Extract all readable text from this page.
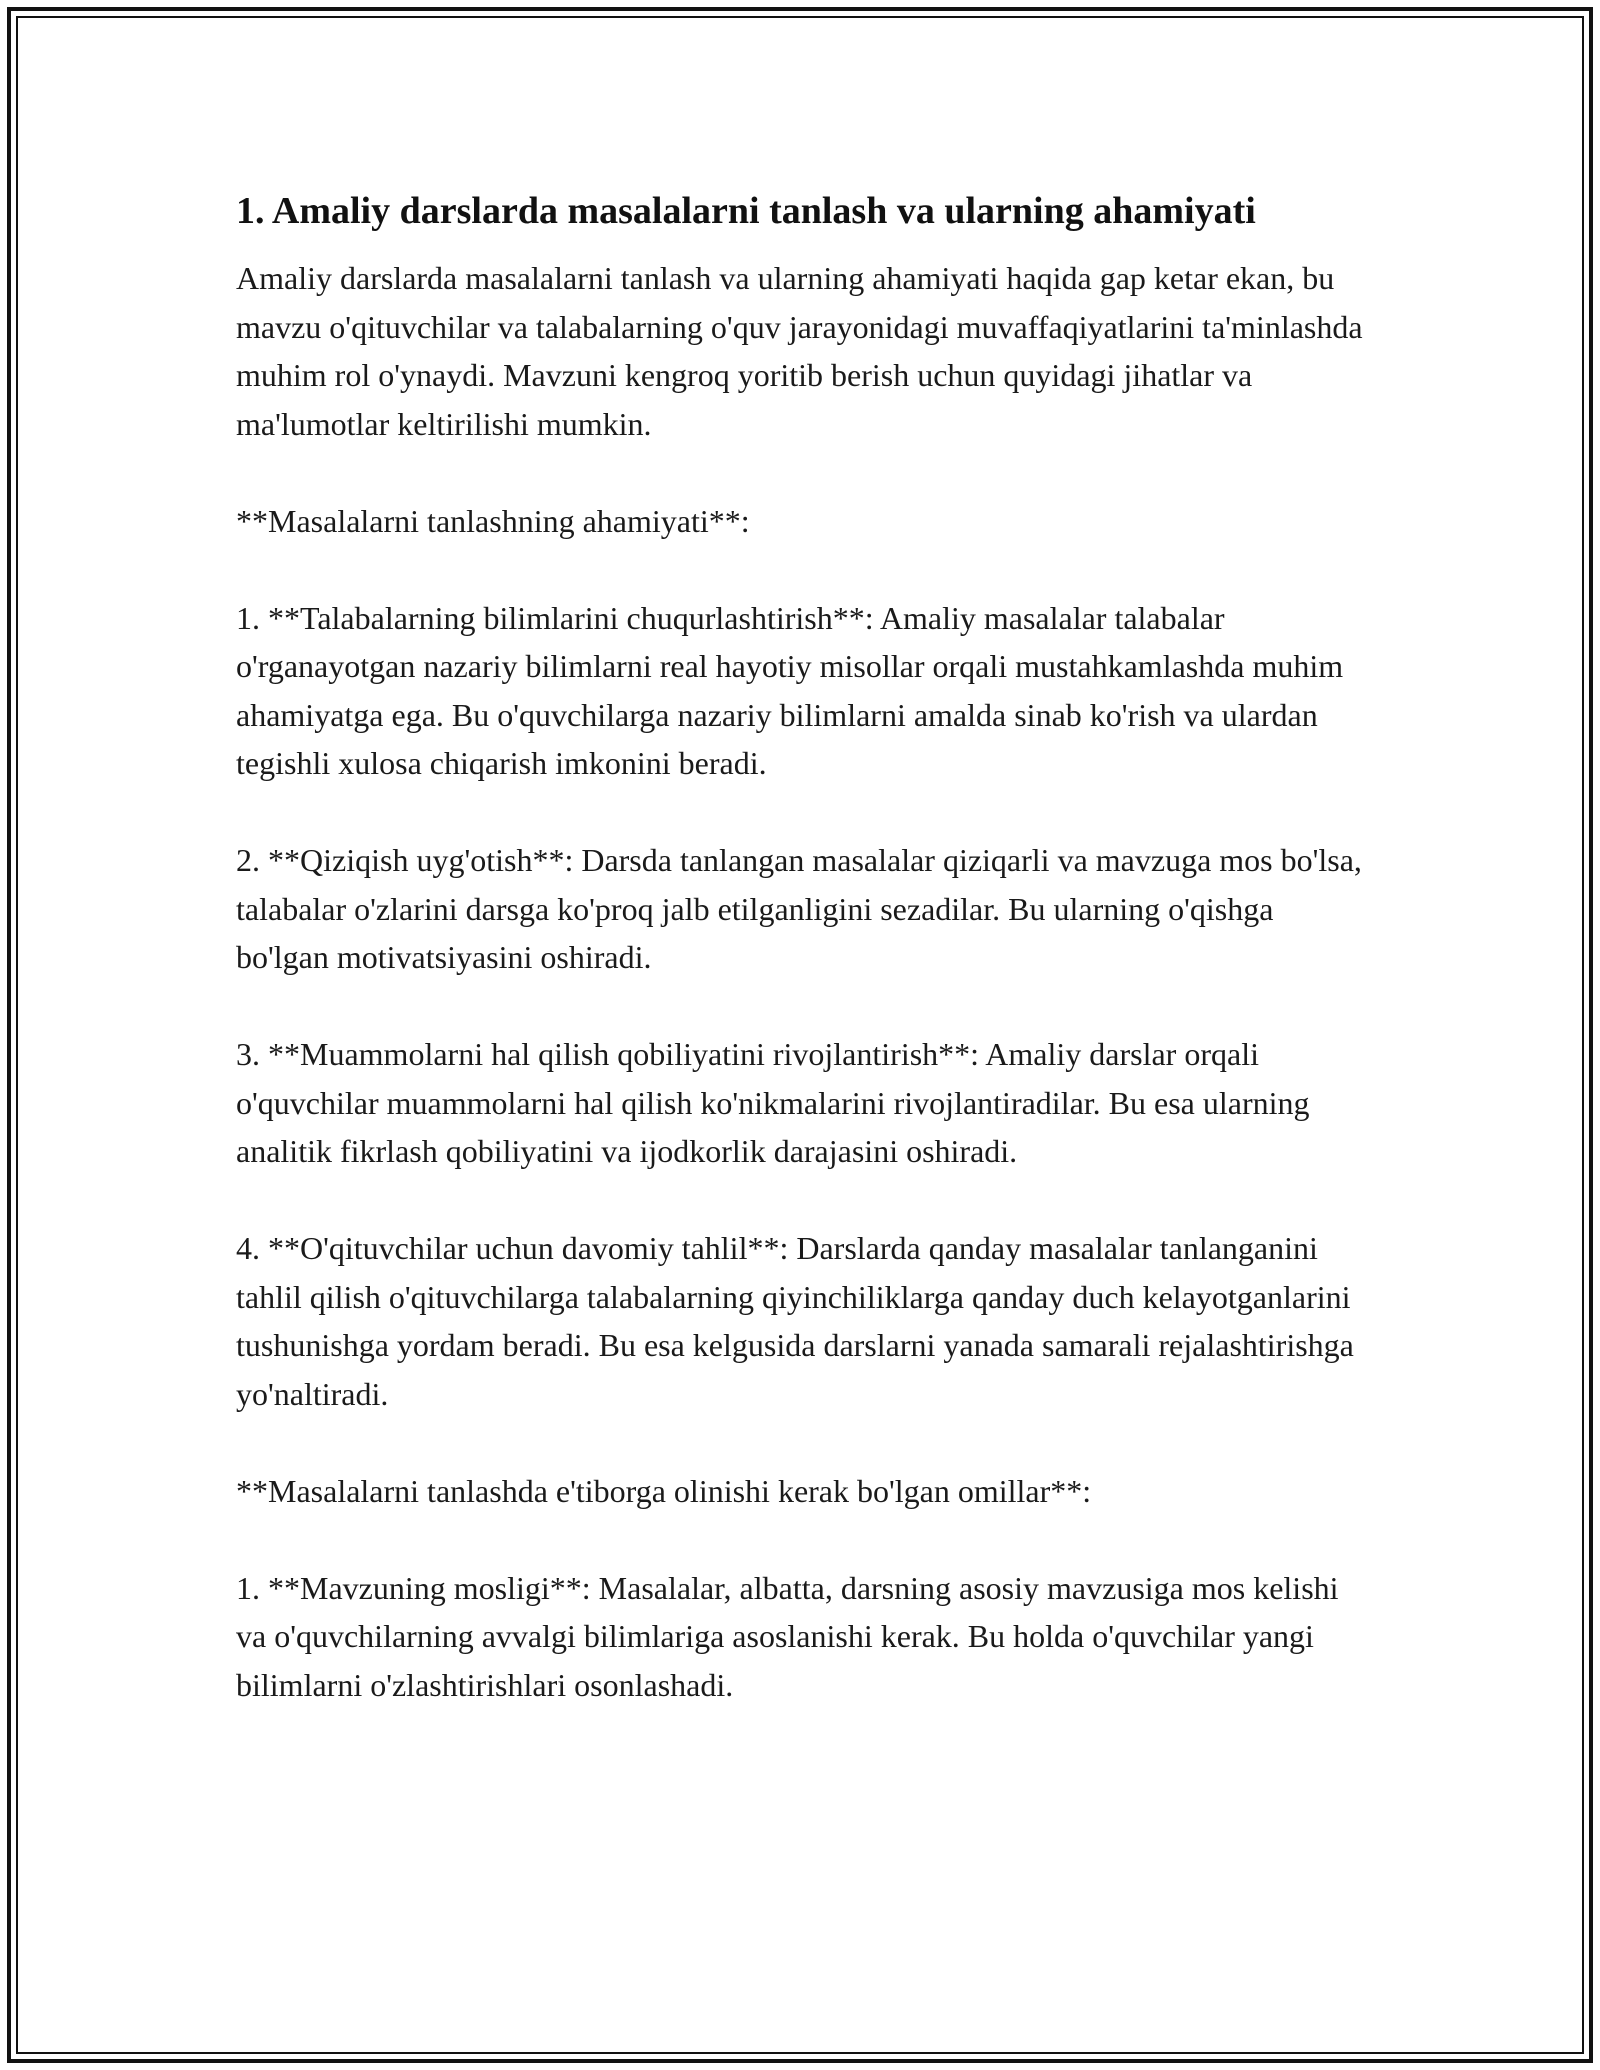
1. Amaliy darslarda masalalarni tanlash va ularning ahamiyati

Amaliy darslarda masalalarni tanlash va ularning ahamiyati haqida gap ketar ekan, bu mavzu o'qituvchilar va talabalarning o'quv jarayonidagi muvaffaqiyatlarini ta'minlashda muhim rol o'ynaydi. Mavzuni kengroq yoritib berish uchun quyidagi jihatlar va ma'lumotlar keltirilishi mumkin.

**Masalalarni tanlashning ahamiyati**:

1. **Talabalarning bilimlarini chuqurlashtirish**: Amaliy masalalar talabalar o'rganayotgan nazariy bilimlarni real hayotiy misollar orqali mustahkamlashda muhim ahamiyatga ega. Bu o'quvchilarga nazariy bilimlarni amalda sinab ko'rish va ulardan tegishli xulosa chiqarish imkonini beradi.

2. **Qiziqish uyg'otish**: Darsda tanlangan masalalar qiziqarli va mavzuga mos bo'lsa, talabalar o'zlarini darsga ko'proq jalb etilganligini sezadilar. Bu ularning o'qishga bo'lgan motivatsiyasini oshiradi.

3. **Muammolarni hal qilish qobiliyatini rivojlantirish**: Amaliy darslar orqali o'quvchilar muammolarni hal qilish ko'nikmalarini rivojlantiradilar. Bu esa ularning analitik fikrlash qobiliyatini va ijodkorlik darajasini oshiradi.

4. **O'qituvchilar uchun davomiy tahlil**: Darslarda qanday masalalar tanlanganini tahlil qilish o'qituvchilarga talabalarning qiyinchiliklarga qanday duch kelayotganlarini tushunishga yordam beradi. Bu esa kelgusida darslarni yanada samarali rejalashtirishga yo'naltiradi.

**Masalalarni tanlashda e'tiborga olinishi kerak bo'lgan omillar**:

1. **Mavzuning mosligi**: Masalalar, albatta, darsning asosiy mavzusiga mos kelishi va o'quvchilarning avvalgi bilimlariga asoslanishi kerak. Bu holda o'quvchilar yangi bilimlarni o'zlashtirishlari osonlashadi.
